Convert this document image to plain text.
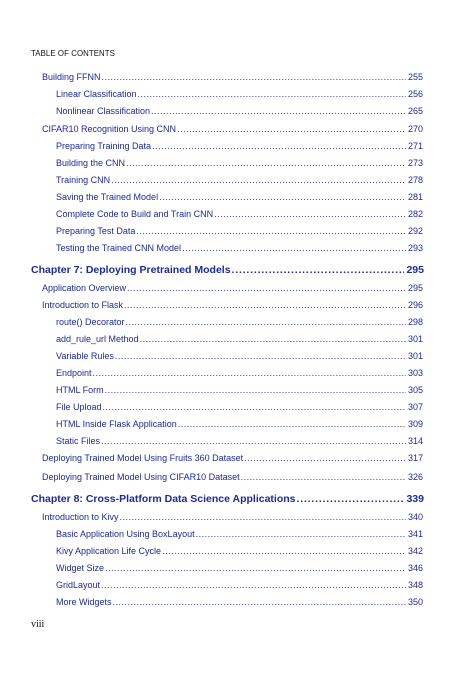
TABLE OF CONTENTS
Building FFNN .....	255
Linear Classification .....	256
Nonlinear Classification .....	265
CIFAR10 Recognition Using CNN .....	270
Preparing Training Data .....	271
Building the CNN .....	273
Training CNN .....	278
Saving the Trained Model .....	281
Complete Code to Build and Train CNN .....	282
Preparing Test Data .....	292
Testing the Trained CNN Model .....	293
Chapter 7: Deploying Pretrained Models .....	295
Application Overview .....	295
Introduction to Flask .....	296
route() Decorator .....	298
add_rule_url Method .....	301
Variable Rules .....	301
Endpoint .....	303
HTML Form .....	305
File Upload .....	307
HTML Inside Flask Application .....	309
Static Files .....	314
Deploying Trained Model Using Fruits 360 Dataset .....	317
Deploying Trained Model Using CIFAR10 Dataset .....	326
Chapter 8: Cross-Platform Data Science Applications .....	339
Introduction to Kivy .....	340
Basic Application Using BoxLayout .....	341
Kivy Application Life Cycle .....	342
Widget Size .....	346
GridLayout .....	348
More Widgets .....	350
viii
